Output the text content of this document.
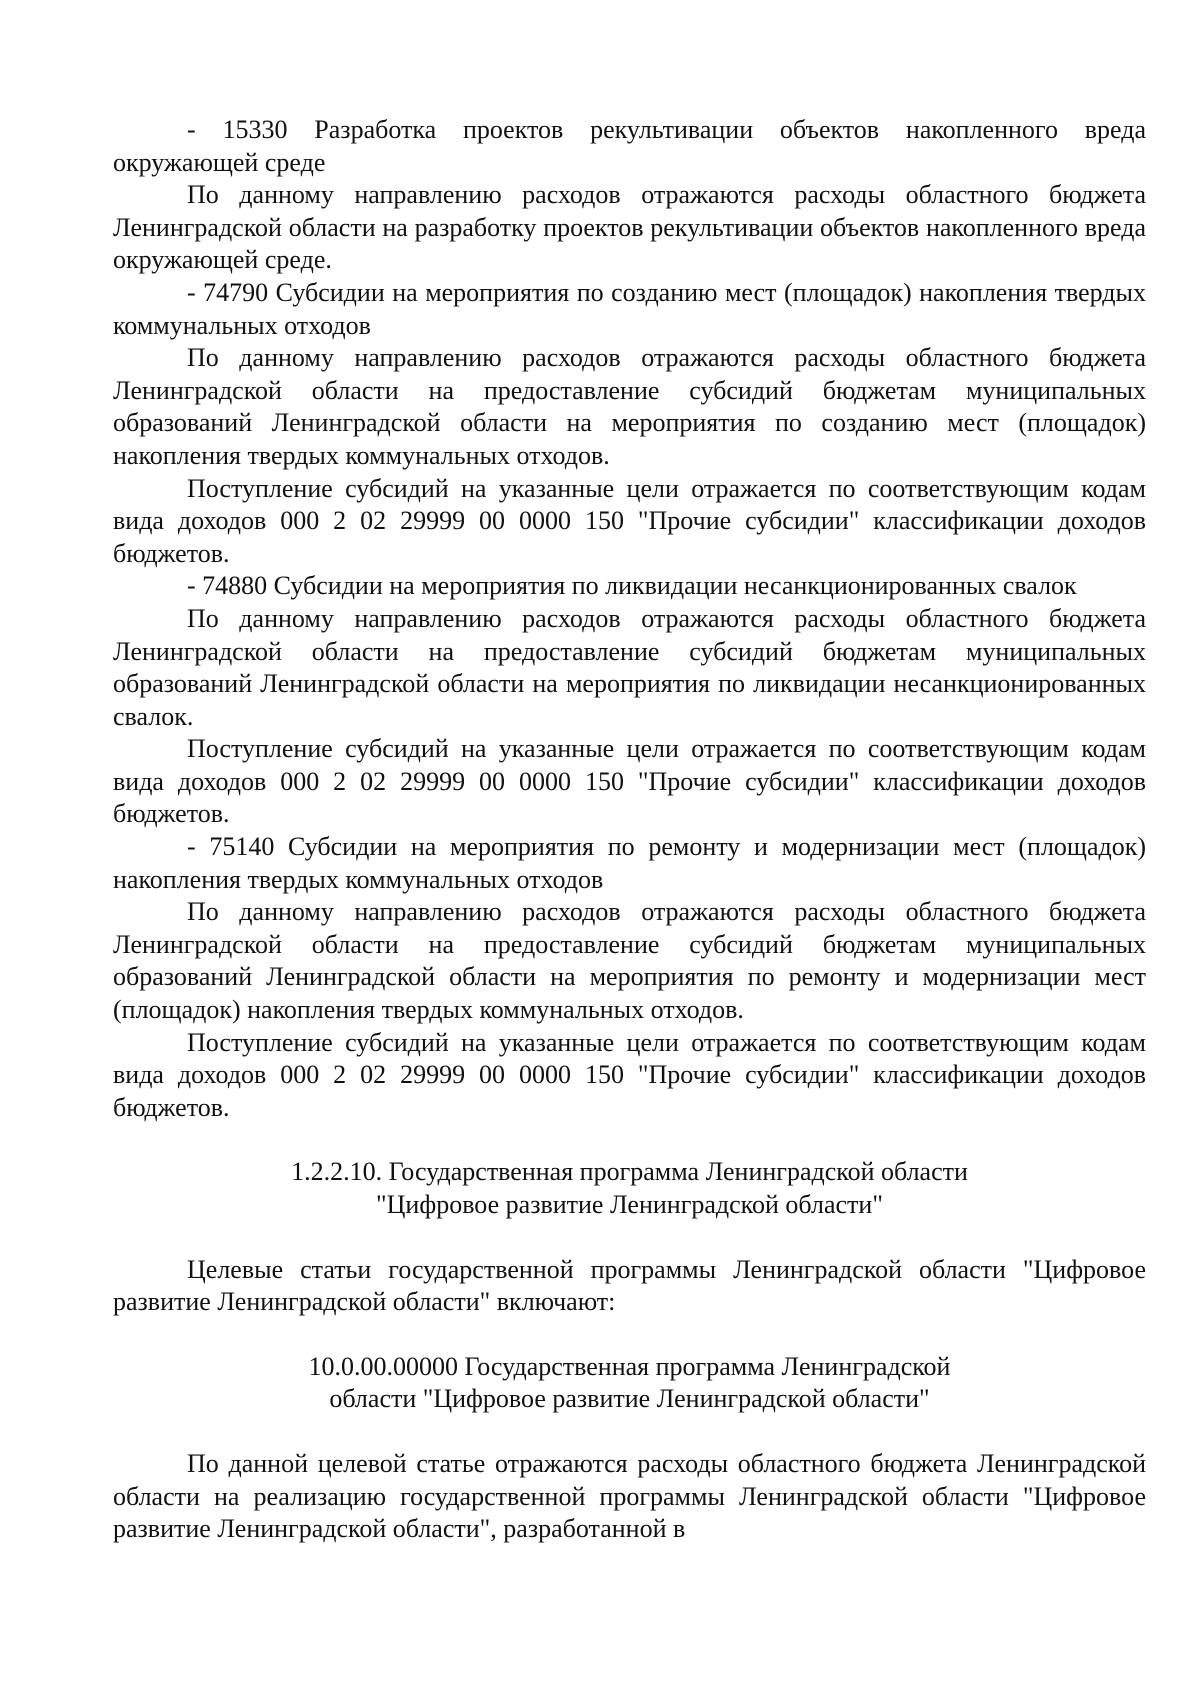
- 15330 Разработка проектов рекультивации объектов накопленного вреда окружающей среде

По данному направлению расходов отражаются расходы областного бюджета Ленинградской области на разработку проектов рекультивации объектов накопленного вреда окружающей среде.

- 74790 Субсидии на мероприятия по созданию мест (площадок) накопления твердых коммунальных отходов

По данному направлению расходов отражаются расходы областного бюджета Ленинградской области на предоставление субсидий бюджетам муниципальных образований Ленинградской области на мероприятия по созданию мест (площадок) накопления твердых коммунальных отходов.

Поступление субсидий на указанные цели отражается по соответствующим кодам вида доходов 000 2 02 29999 00 0000 150 "Прочие субсидии" классификации доходов бюджетов.

- 74880 Субсидии на мероприятия по ликвидации несанкционированных свалок

По данному направлению расходов отражаются расходы областного бюджета Ленинградской области на предоставление субсидий бюджетам муниципальных образований Ленинградской области на мероприятия по ликвидации несанкционированных свалок.

Поступление субсидий на указанные цели отражается по соответствующим кодам вида доходов 000 2 02 29999 00 0000 150 "Прочие субсидии" классификации доходов бюджетов.

- 75140 Субсидии на мероприятия по ремонту и модернизации мест (площадок) накопления твердых коммунальных отходов

По данному направлению расходов отражаются расходы областного бюджета Ленинградской области на предоставление субсидий бюджетам муниципальных образований Ленинградской области на мероприятия по ремонту и модернизации мест (площадок) накопления твердых коммунальных отходов.

Поступление субсидий на указанные цели отражается по соответствующим кодам вида доходов 000 2 02 29999 00 0000 150 "Прочие субсидии" классификации доходов бюджетов.

1.2.2.10. Государственная программа Ленинградской области

"Цифровое развитие Ленинградской области"

Целевые статьи государственной программы Ленинградской области "Цифровое развитие Ленинградской области" включают:

10.0.00.00000 Государственная программа Ленинградской

области "Цифровое развитие Ленинградской области"

По данной целевой статье отражаются расходы областного бюджета Ленинградской области на реализацию государственной программы Ленинградской области "Цифровое развитие Ленинградской области", разработанной в
